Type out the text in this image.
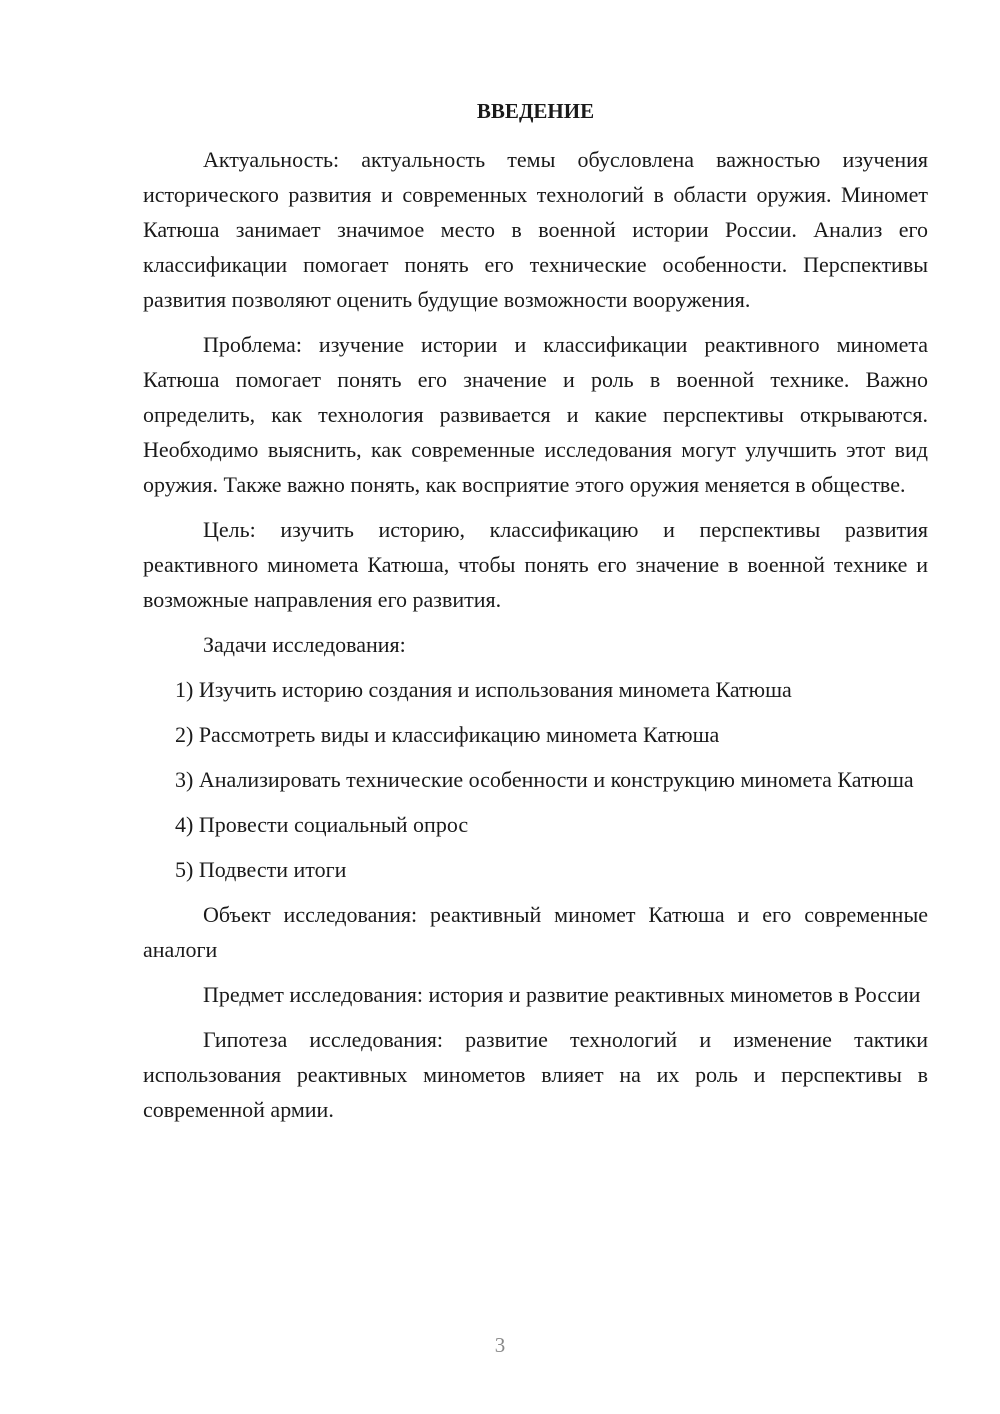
ВВЕДЕНИЕ

Актуальность: актуальность темы обусловлена важностью изучения исторического развития и современных технологий в области оружия. Миномет Катюша занимает значимое место в военной истории России. Анализ его классификации помогает понять его технические особенности. Перспективы развития позволяют оценить будущие возможности вооружения.

Проблема: изучение истории и классификации реактивного миномета Катюша помогает понять его значение и роль в военной технике. Важно определить, как технология развивается и какие перспективы открываются. Необходимо выяснить, как современные исследования могут улучшить этот вид оружия. Также важно понять, как восприятие этого оружия меняется в обществе.

Цель: изучить историю, классификацию и перспективы развития реактивного миномета Катюша, чтобы понять его значение в военной технике и возможные направления его развития.

Задачи исследования:

1) Изучить историю создания и использования миномета Катюша

2) Рассмотреть виды и классификацию миномета Катюша

3) Анализировать технические особенности и конструкцию миномета Катюша

4) Провести социальный опрос

5) Подвести итоги

Объект исследования: реактивный миномет Катюша и его современные аналоги

Предмет исследования: история и развитие реактивных минометов в России

Гипотеза исследования: развитие технологий и изменение тактики использования реактивных минометов влияет на их роль и перспективы в современной армии.

3
